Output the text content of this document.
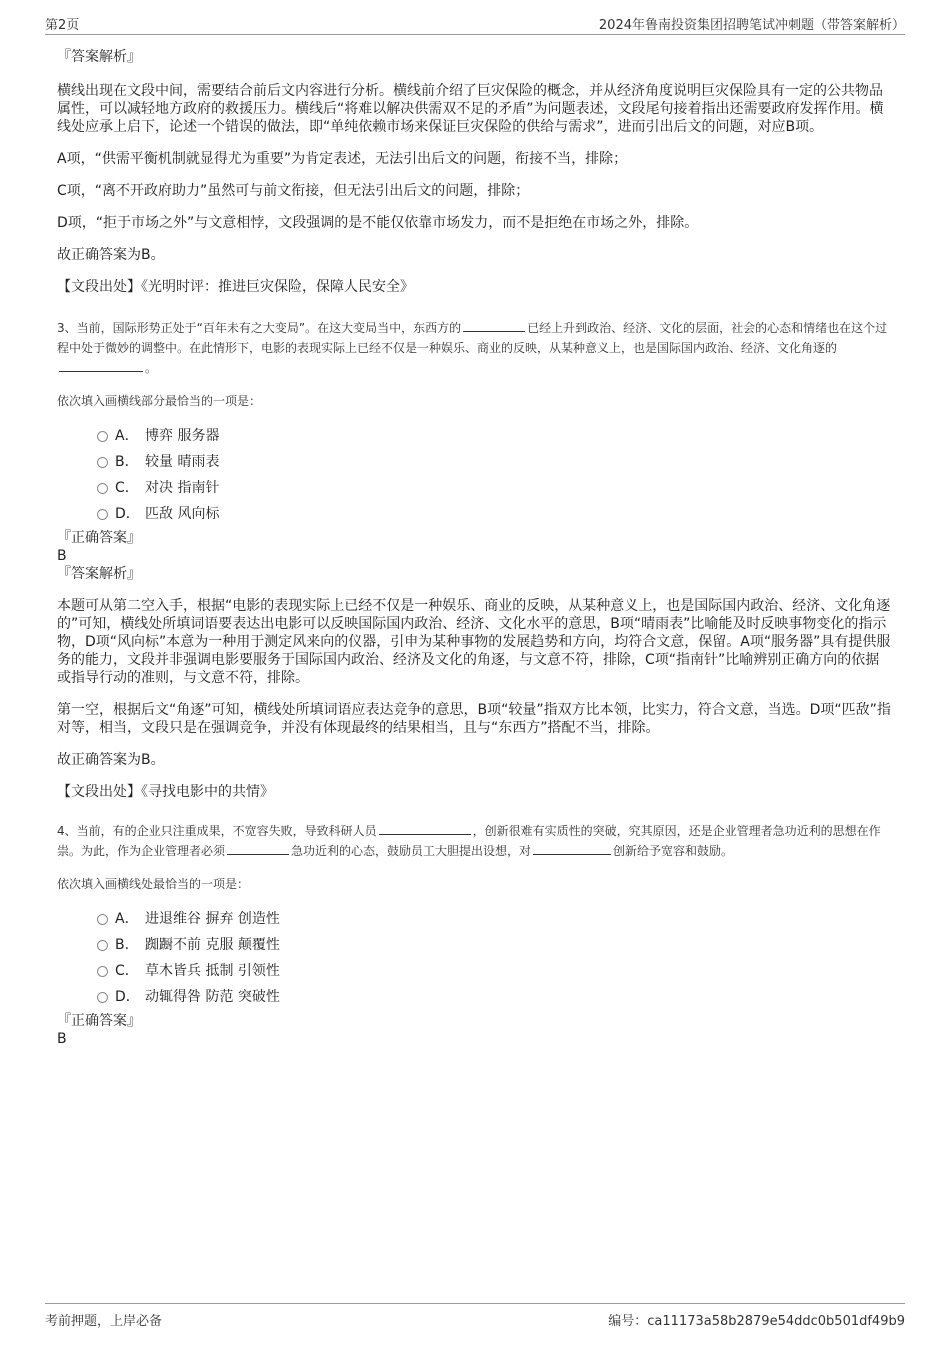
第2页	2024年鲁南投资集团招聘笔试冲刺题（带答案解析）

『答案解析』

横线出现在文段中间，需要结合前后文内容进行分析。横线前介绍了巨灾保险的概念，并从经济角度说明巨灾保险具有一定的公共物品属性，可以减轻地方政府的救援压力。横线后“将难以解决供需双不足的矛盾”为问题表述，文段尾句接着指出还需要政府发挥作用。横线处应承上启下，论述一个错误的做法，即“单纯依赖市场来保证巨灾保险的供给与需求”，进而引出后文的问题，对应B项。

A项，“供需平衡机制就显得尤为重要”为肯定表述，无法引出后文的问题，衔接不当，排除；

C项，“离不开政府助力”虽然可与前文衔接，但无法引出后文的问题，排除；

D项，“拒于市场之外”与文意相悖，文段强调的是不能仅依靠市场发力，而不是拒绝在市场之外，排除。

故正确答案为B。

【文段出处】《光明时评：推进巨灾保险，保障人民安全》

3、当前，国际形势正处于“百年未有之大变局”。在这大变局当中，东西方的	已经上升到政治、经济、文化的层面，社会的心态和情绪也在这个过程中处于微妙的调整中。在此情形下，电影的表现实际上已经不仅是一种娱乐、商业的反映，从某种意义上，也是国际国内政治、经济、文化角逐的。

依次填入画横线部分最恰当的一项是：

A． 博弈 服务器
B． 较量 晴雨表
C． 对决 指南针
D． 匹敌 风向标

『正确答案』

B

『答案解析』

本题可从第二空入手，根据“电影的表现实际上已经不仅是一种娱乐、商业的反映，从某种意义上，也是国际国内政治、经济、文化角逐的”可知，横线处所填词语要表达出电影可以反映国际国内政治、经济、文化水平的意思，B项“晴雨表”比喻能及时反映事物变化的指示物，D项“风向标”本意为一种用于测定风来向的仪器，引申为某种事物的发展趋势和方向，均符合文意，保留。A项“服务器”具有提供服务的能力，文段并非强调电影要服务于国际国内政治、经济及文化的角逐，与文意不符，排除，C项“指南针”比喻辨别正确方向的依据或指导行动的准则，与文意不符，排除。

第一空，根据后文“角逐”可知，横线处所填词语应表达竞争的意思，B项“较量”指双方比本领，比实力，符合文意，当选。D项“匹敌”指对等，相当，文段只是在强调竞争，并没有体现最终的结果相当，且与“东西方”搭配不当，排除。

故正确答案为B。

【文段出处】《寻找电影中的共情》

4、当前，有的企业只注重成果，不宽容失败，导致科研人员	，创新很难有实质性的突破，究其原因，还是企业管理者急功近利的思想在作祟。为此，作为企业管理者必须	急功近利的心态，鼓励员工大胆提出设想，对	创新给予宽容和鼓励。

依次填入画横线处最恰当的一项是：

A． 进退维谷 摒弃 创造性
B． 踟蹰不前 克服 颠覆性
C． 草木皆兵 抵制 引领性
D． 动辄得咎 防范 突破性

『正确答案』

B

考前押题，上岸必备	编号：ca11173a58b2879e54ddc0b501df49b9
